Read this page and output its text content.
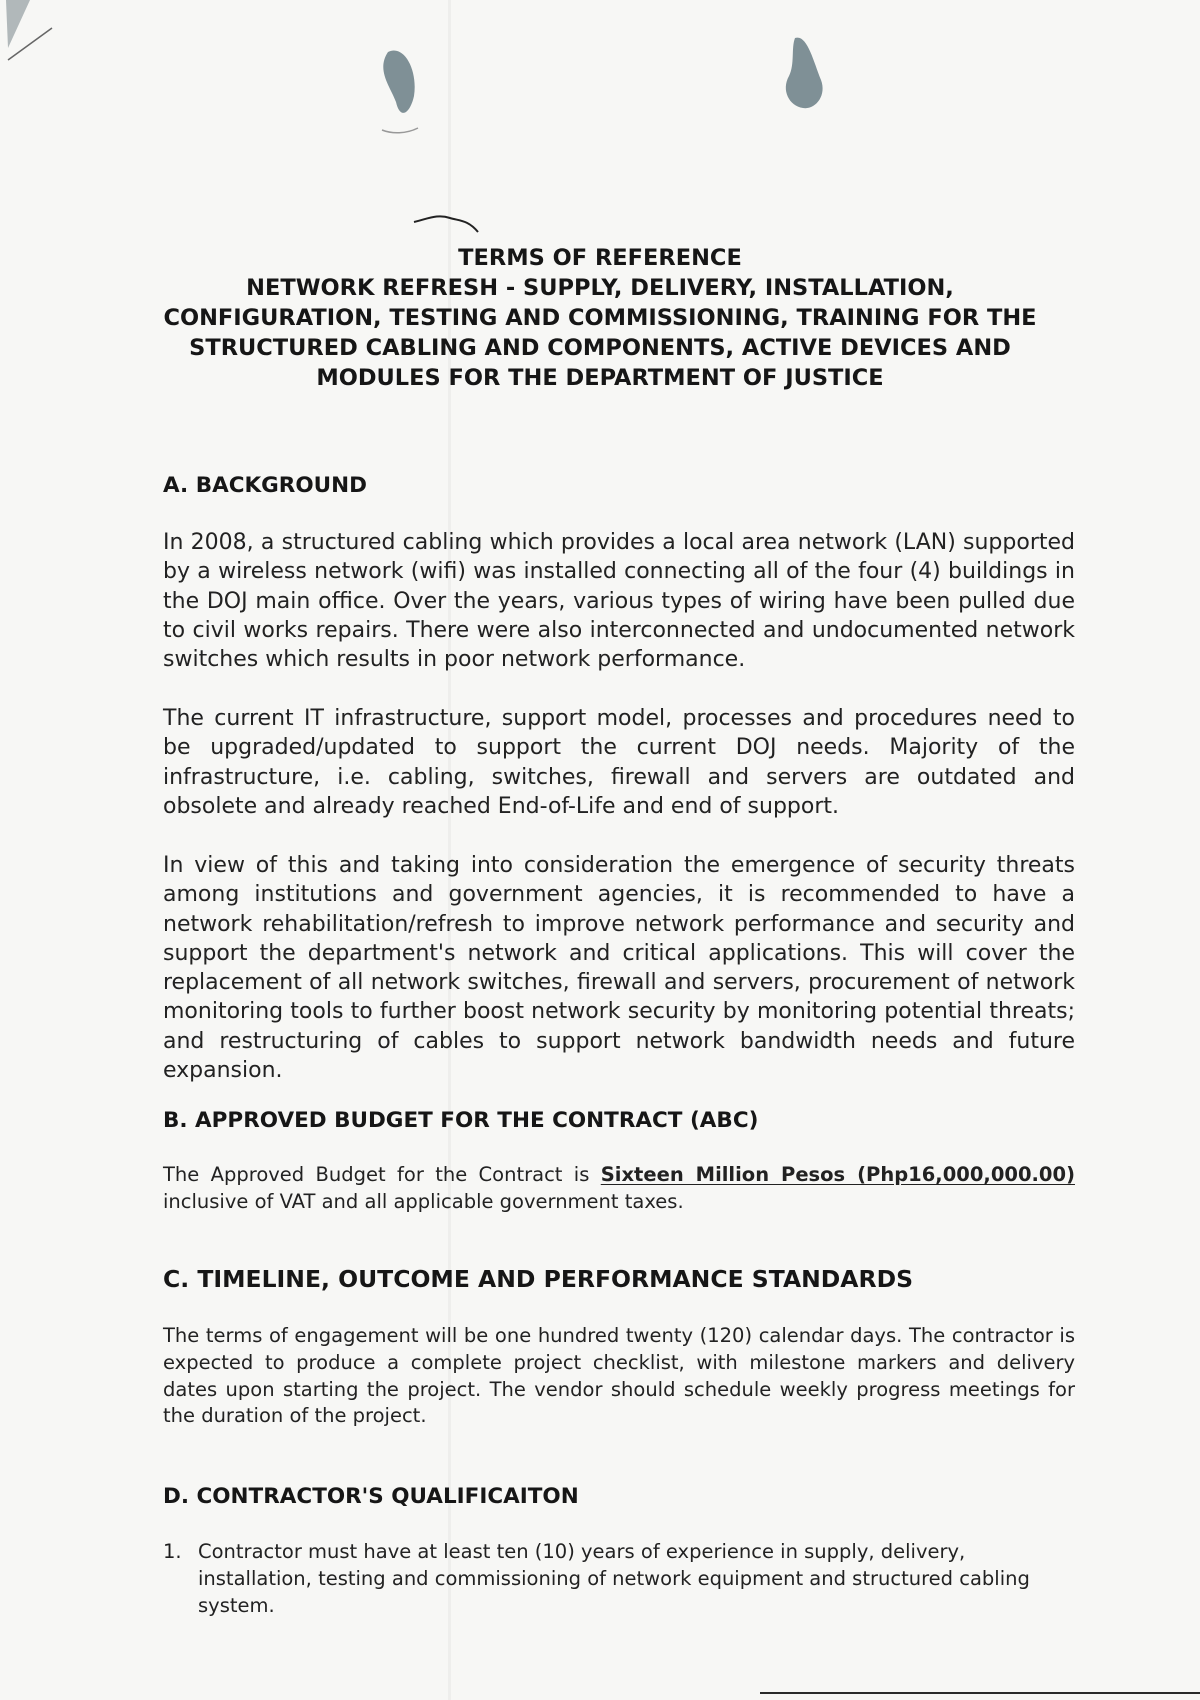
TERMS OF REFERENCE
NETWORK REFRESH - SUPPLY, DELIVERY, INSTALLATION,
CONFIGURATION, TESTING AND COMMISSIONING, TRAINING FOR THE
STRUCTURED CABLING AND COMPONENTS, ACTIVE DEVICES AND
MODULES FOR THE DEPARTMENT OF JUSTICE
A. BACKGROUND
In 2008, a structured cabling which provides a local area network (LAN) supported by a wireless network (wifi) was installed connecting all of the four (4) buildings in the DOJ main office. Over the years, various types of wiring have been pulled due to civil works repairs. There were also interconnected and undocumented network switches which results in poor network performance.
The current IT infrastructure, support model, processes and procedures need to be upgraded/updated to support the current DOJ needs. Majority of the infrastructure, i.e. cabling, switches, firewall and servers are outdated and obsolete and already reached End-of-Life and end of support.
In view of this and taking into consideration the emergence of security threats among institutions and government agencies, it is recommended to have a network rehabilitation/refresh to improve network performance and security and support the department's network and critical applications. This will cover the replacement of all network switches, firewall and servers, procurement of network monitoring tools to further boost network security by monitoring potential threats; and restructuring of cables to support network bandwidth needs and future expansion.
B. APPROVED BUDGET FOR THE CONTRACT (ABC)
The Approved Budget for the Contract is Sixteen Million Pesos (Php16,000,000.00) inclusive of VAT and all applicable government taxes.
C. TIMELINE, OUTCOME AND PERFORMANCE STANDARDS
The terms of engagement will be one hundred twenty (120) calendar days. The contractor is expected to produce a complete project checklist, with milestone markers and delivery dates upon starting the project. The vendor should schedule weekly progress meetings for the duration of the project.
D. CONTRACTOR'S QUALIFICAITON
1. Contractor must have at least ten (10) years of experience in supply, delivery, installation, testing and commissioning of network equipment and structured cabling system.
